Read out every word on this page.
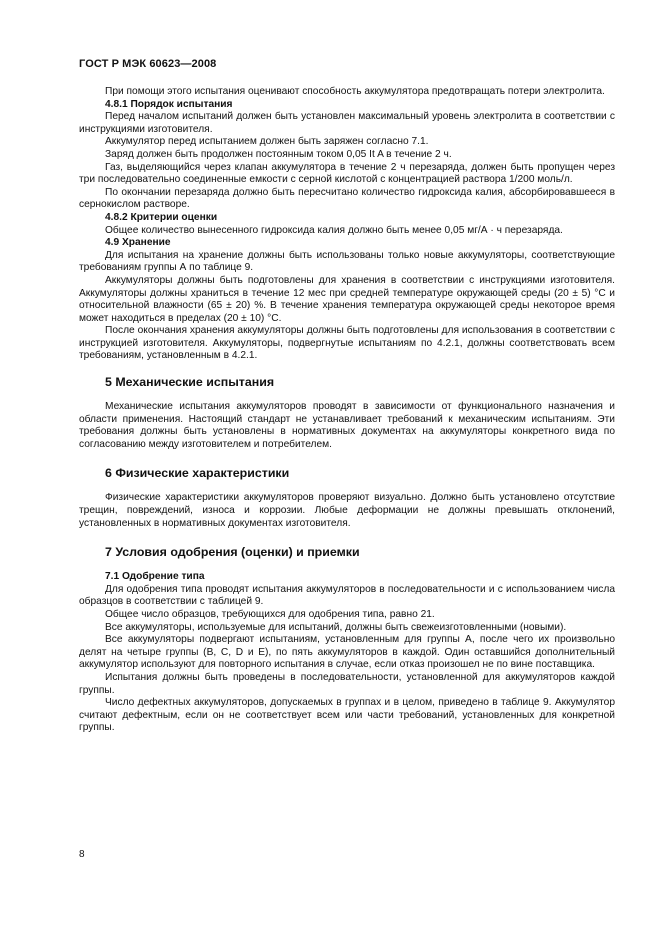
ГОСТ Р МЭК 60623—2008

При помощи этого испытания оценивают способность аккумулятора предотвращать потери электролита.

4.8.1 Порядок испытания

Перед началом испытаний должен быть установлен максимальный уровень электролита в соответствии с инструкциями изготовителя.

Аккумулятор перед испытанием должен быть заряжен согласно 7.1.

Заряд должен быть продолжен постоянным током 0,05 It A в течение 2 ч.

Газ, выделяющийся через клапан аккумулятора в течение 2 ч перезаряда, должен быть пропущен через три последовательно соединенные емкости с серной кислотой с концентрацией раствора 1/200 моль/л.

По окончании перезаряда должно быть пересчитано количество гидроксида калия, абсорбировавшееся в сернокислом растворе.

4.8.2 Критерии оценки

Общее количество вынесенного гидроксида калия должно быть менее 0,05 мг/А · ч перезаряда.

4.9 Хранение

Для испытания на хранение должны быть использованы только новые аккумуляторы, соответствующие требованиям группы А по таблице 9.

Аккумуляторы должны быть подготовлены для хранения в соответствии с инструкциями изготовителя. Аккумуляторы должны храниться в течение 12 мес при средней температуре окружающей среды (20 ± 5) °С и относительной влажности (65 ± 20) %. В течение хранения температура окружающей среды некоторое время может находиться в пределах (20 ± 10) °С.

После окончания хранения аккумуляторы должны быть подготовлены для использования в соответствии с инструкцией изготовителя. Аккумуляторы, подвергнутые испытаниям по 4.2.1, должны соответствовать всем требованиям, установленным в 4.2.1.

5 Механические испытания

Механические испытания аккумуляторов проводят в зависимости от функционального назначения и области применения. Настоящий стандарт не устанавливает требований к механическим испытаниям. Эти требования должны быть установлены в нормативных документах на аккумуляторы конкретного вида по согласованию между изготовителем и потребителем.

6 Физические характеристики

Физические характеристики аккумуляторов проверяют визуально. Должно быть установлено отсутствие трещин, повреждений, износа и коррозии. Любые деформации не должны превышать отклонений, установленных в нормативных документах изготовителя.

7 Условия одобрения (оценки) и приемки
7.1 Одобрение типа

Для одобрения типа проводят испытания аккумуляторов в последовательности и с использованием числа образцов в соответствии с таблицей 9.

Общее число образцов, требующихся для одобрения типа, равно 21.

Все аккумуляторы, используемые для испытаний, должны быть свежеизготовленными (новыми).

Все аккумуляторы подвергают испытаниям, установленным для группы А, после чего их произвольно делят на четыре группы (В, С, D и Е), по пять аккумуляторов в каждой. Один оставшийся дополнительный аккумулятор используют для повторного испытания в случае, если отказ произошел не по вине поставщика.

Испытания должны быть проведены в последовательности, установленной для аккумуляторов каждой группы.

Число дефектных аккумуляторов, допускаемых в группах и в целом, приведено в таблице 9. Аккумулятор считают дефектным, если он не соответствует всем или части требований, установленных для конкретной группы.

8
